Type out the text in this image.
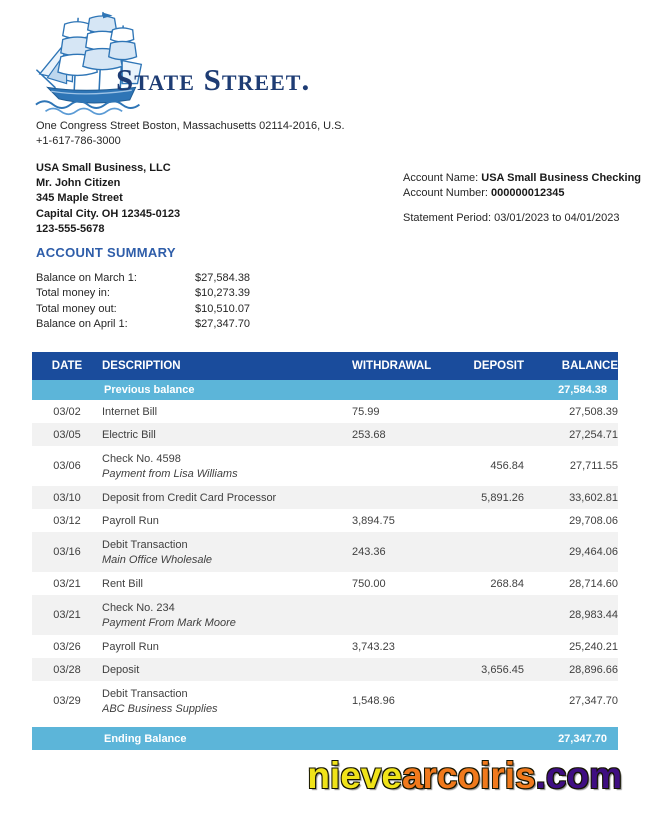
State Street.
One Congress Street Boston, Massachusetts 02114-2016, U.S.
+1-617-786-3000
USA Small Business, LLC
Mr. John Citizen
345 Maple Street
Capital City. OH 12345-0123
123-555-5678
Account Name: USA Small Business Checking
Account Number: 000000012345
Statement Period: 03/01/2023 to 04/01/2023
ACCOUNT SUMMARY
Balance on March 1:	$27,584.38
Total money in:	$10,273.39
Total money out:	$10,510.07
Balance on April 1:	$27,347.70
DATE	DESCRIPTION	WITHDRAWAL	DEPOSIT	BALANCE
	Previous balance			27,584.38
03/02	Internet Bill	75.99		27,508.39
03/05	Electric Bill	253.68		27,254.71
03/06	Check No. 4598
Payment from Lisa Williams		456.84	27,711.55
03/10	Deposit from Credit Card Processor		5,891.26	33,602.81
03/12	Payroll Run	3,894.75		29,708.06
03/16	Debit Transaction
Main Office Wholesale	243.36		29,464.06
03/21	Rent Bill	750.00	268.84	28,714.60
03/21	Check No. 234
Payment From Mark Moore			28,983.44
03/26	Payroll Run	3,743.23		25,240.21
03/28	Deposit		3,656.45	28,896.66
03/29	Debit Transaction
ABC Business Supplies	1,548.96		27,347.70

	Ending Balance			27,347.70
nievearcoiris.com
